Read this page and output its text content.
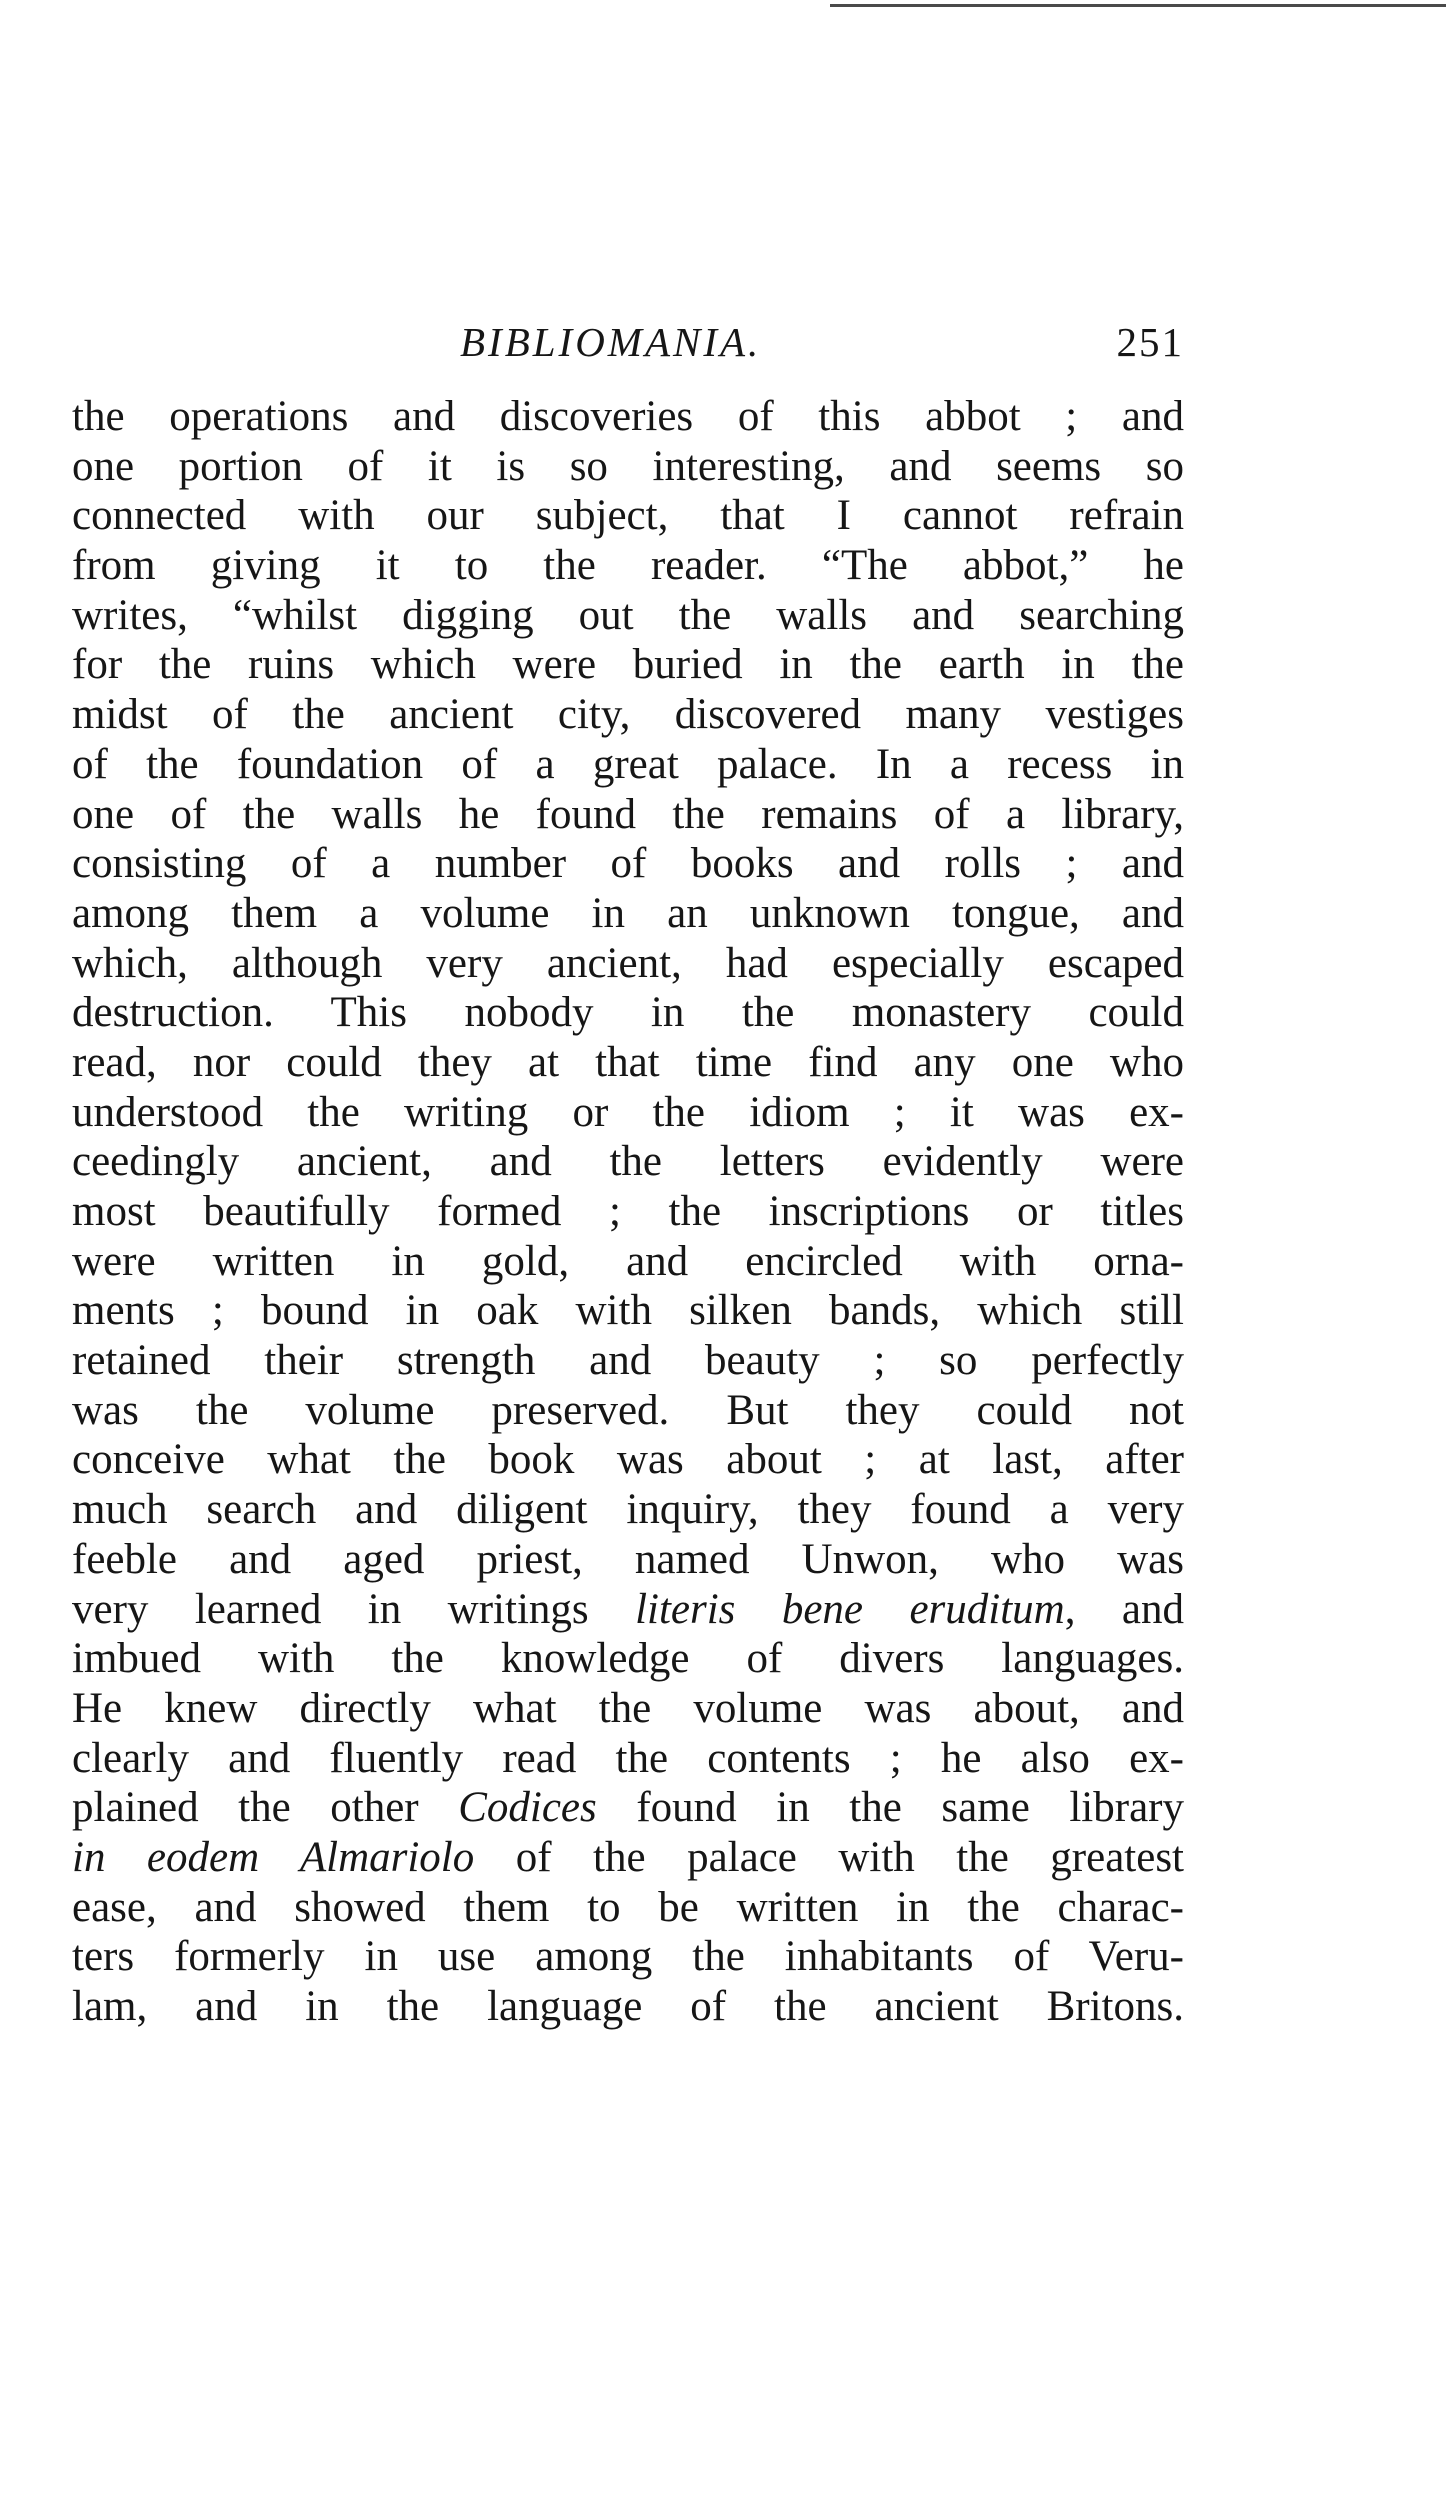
BIBLIOMANIA.	251
the operations and discoveries of this abbot ; and
one portion of it is so interesting, and seems so
connected with our subject, that I cannot refrain
from giving it to the reader. “The abbot,” he
writes, “whilst digging out the walls and searching
for the ruins which were buried in the earth in the
midst of the ancient city, discovered many vestiges
of the foundation of a great palace. In a recess in
one of the walls he found the remains of a library,
consisting of a number of books and rolls ; and
among them a volume in an unknown tongue, and
which, although very ancient, had especially escaped
destruction. This nobody in the monastery could
read, nor could they at that time find any one who
understood the writing or the idiom ; it was ex-
ceedingly ancient, and the letters evidently were
most beautifully formed ; the inscriptions or titles
were written in gold, and encircled with orna-
ments ; bound in oak with silken bands, which still
retained their strength and beauty ; so perfectly
was the volume preserved. But they could not
conceive what the book was about ; at last, after
much search and diligent inquiry, they found a very
feeble and aged priest, named Unwon, who was
very learned in writings literis bene eruditum, and
imbued with the knowledge of divers languages.
He knew directly what the volume was about, and
clearly and fluently read the contents ; he also ex-
plained the other Codices found in the same library
in eodem Almariolo of the palace with the greatest
ease, and showed them to be written in the charac-
ters formerly in use among the inhabitants of Veru-
lam, and in the language of the ancient Britons.
